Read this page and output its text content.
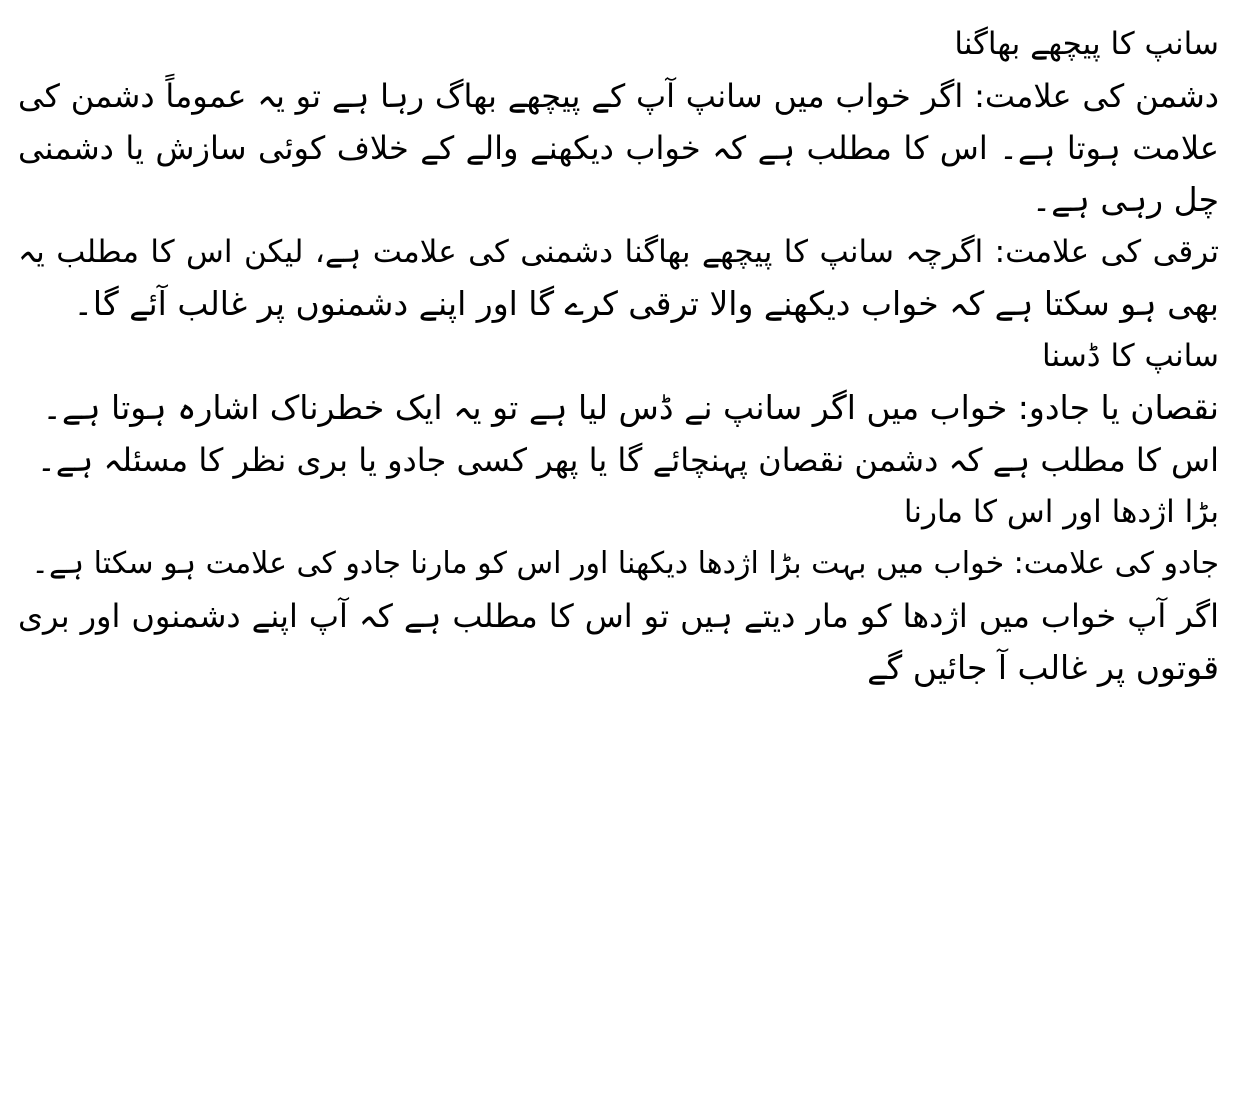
سانپ کا پیچھے بھاگنا
دشمن کی علامت: اگر خواب میں سانپ آپ کے پیچھے بھاگ رہا ہے تو یہ عموماً دشمن کی
علامت ہوتا ہے۔ اس کا مطلب ہے کہ خواب دیکھنے والے کے خلاف کوئی سازش یا دشمنی
چل رہی ہے۔
ترقی کی علامت: اگرچہ سانپ کا پیچھے بھاگنا دشمنی کی علامت ہے، لیکن اس کا مطلب یہ
بھی ہو سکتا ہے کہ خواب دیکھنے والا ترقی کرے گا اور اپنے دشمنوں پر غالب آئے گا۔
سانپ کا ڈسنا
نقصان یا جادو: خواب میں اگر سانپ نے ڈس لیا ہے تو یہ ایک خطرناک اشارہ ہوتا ہے۔
اس کا مطلب ہے کہ دشمن نقصان پہنچائے گا یا پھر کسی جادو یا بری نظر کا مسئلہ ہے۔
بڑا اژدھا اور اس کا مارنا
جادو کی علامت: خواب میں بہت بڑا اژدھا دیکھنا اور اس کو مارنا جادو کی علامت ہو سکتا ہے۔
اگر آپ خواب میں اژدھا کو مار دیتے ہیں تو اس کا مطلب ہے کہ آپ اپنے دشمنوں اور بری
قوتوں پر غالب آ جائیں گے
